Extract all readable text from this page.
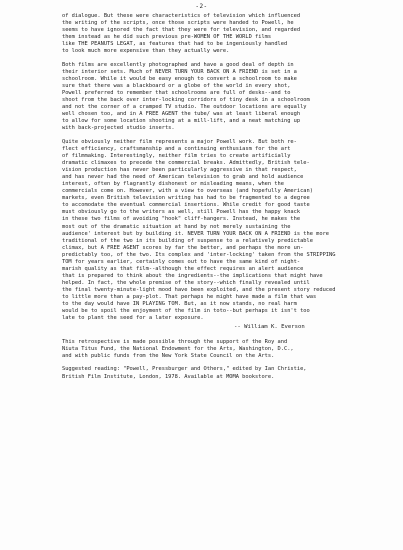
-2-
of dialogue. But these were characteristics of television which influenced
the writing of the scripts, once those scripts were handed to Powell, he
seems to have ignored the fact that they were for television, and regarded
them instead as he did such previous pre-WOMEN OF THE WORLD films
like THE PEANUTS LEGAT, as features that had to be ingeniously handled
to look much more expensive than they actually were.
Both films are excellently photographed and have a good deal of depth in
their interior sets. Much of NEVER TURN YOUR BACK ON A FRIEND is set in a
schoolroom. While it would be easy enough to convert a schoolroom to make
sure that there was a blackboard or a globe of the world in every shot,
Powell preferred to remember that schoolrooms are full of desks--and to
shoot from the back over inter-locking corridors of tiny desk in a schoolroom
and not the corner of a cramped TV studio. The outdoor locations are equally
well chosen too, and in A FREE AGENT the tube/ was at least liberal enough
to allow for some location shooting at a mill-lift, and a neat matching up
with back-projected studio inserts.
Quite obviously neither film represents a major Powell work. But both re-
flect efficiency, craftsmanship and a continuing enthusiasm for the art
of filmmaking. Interestingly, neither film tries to create artificially
dramatic climaxes to precede the commercial breaks. Admittedly, British tele-
vision production has never been particularly aggressive in that respect,
and has never had the need of American television to grab and hold audience
interest, often by flagrantly dishonest or misleading means, when the
commercials come on. However, with a view to overseas (and hopefully American)
markets, even British television writing has had to be fragmented to a degree
to accomodate the eventual commercial insertions. While credit for good taste
must obviously go to the writers as well, still Powell has the happy knack
in these two films of avoiding "hook" cliff-hangers. Instead, he makes the
most out of the dramatic situation at hand by not merely sustaining the
audience' interest but by building it. NEVER TURN YOUR BACK ON A FRIEND is the more
traditional of the two in its building of suspense to a relatively predictable
climax, but A FREE AGENT scores by far the better, and perhaps the more un-
predictably too, of the two. Its complex and 'inter-locking' taken from the STRIPPING
TOM for years earlier, certainly comes out to have the same kind of night-
marish quality as that film--although the effect requires an alert audience
that is prepared to think about the ingredients--the implications that might have
helped. In fact, the whole premise of the story--which finally revealed until
the final twenty-minute-light mood have been exploited, and the present story reduced
to little more than a pay-plot. That perhaps he might have made a film that was
to the day would have IN PLAYING TOM. But, as it now stands, no real harm
would be to spoil the enjoyment of the film in toto--but perhaps it isn't too
late to plant the seed for a later exposure.
-- William K. Everson
This retrospective is made possible through the support of the Roy and
Niuta Titus Fund, the National Endowment for the Arts, Washington, D.C.,
and with public funds from the New York State Council on the Arts.
Suggested reading: "Powell, Pressburger and Others," edited by Ian Christie,
British Film Institute, London, 1978. Available at MOMA bookstore.
